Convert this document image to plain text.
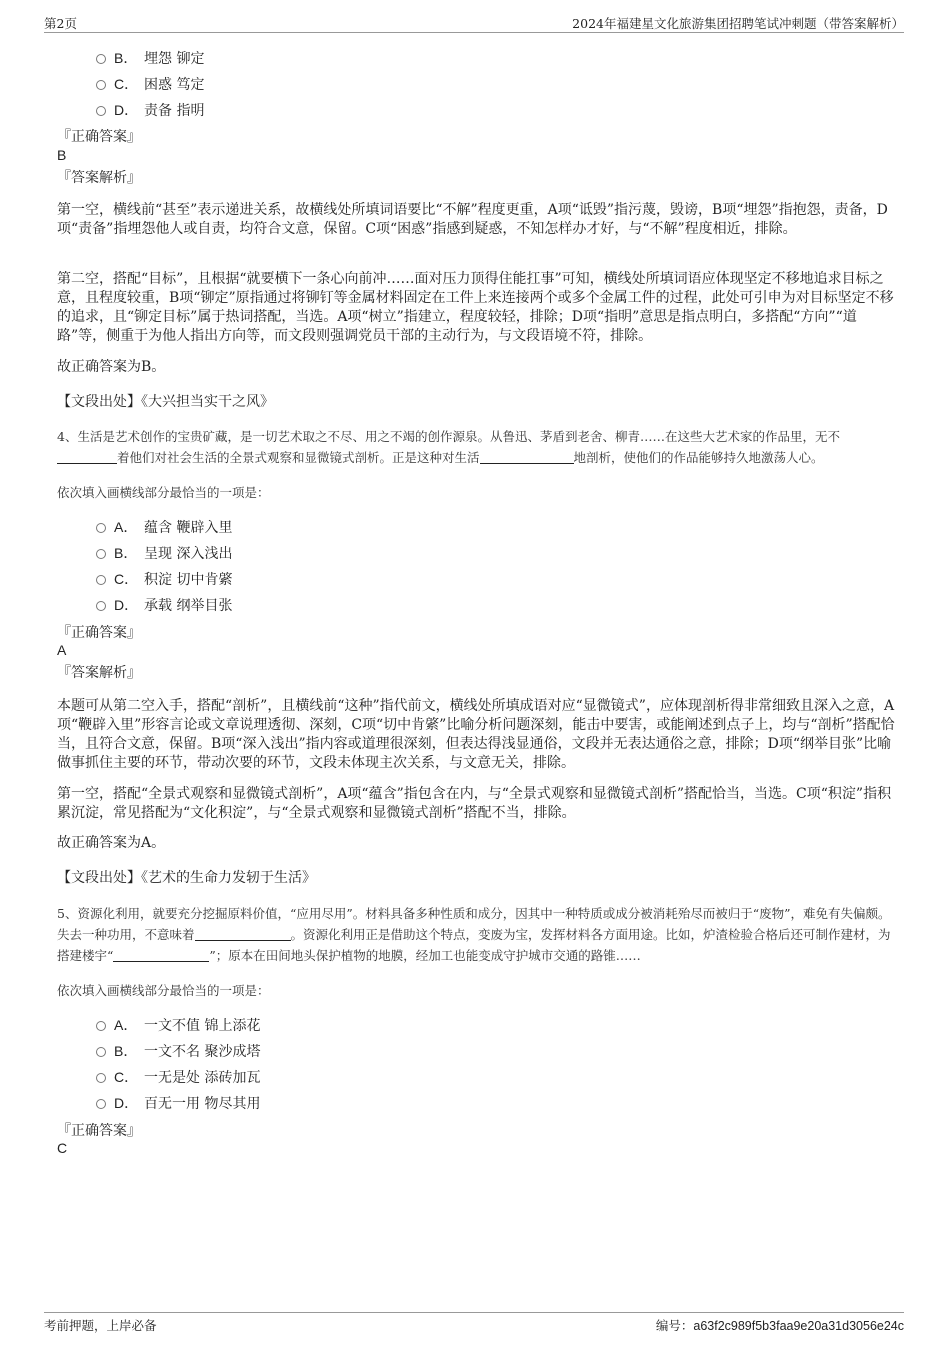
第2页	2024年福建星文化旅游集团招聘笔试冲刺题（带答案解析）
B． 埋怨 铆定
C． 困惑 笃定
D． 责备 指明
『正确答案』
B
『答案解析』
第一空，横线前“甚至”表示递进关系，故横线处所填词语要比“不解”程度更重，A项“诋毁”指污蔑，毁谤，B项“埋怨”指抱怨，责备，D项“责备”指埋怨他人或自责，均符合文意，保留。C项“困惑”指感到疑惑，不知怎样办才好，与“不解”程度相近，排除。
第二空，搭配“目标”，且根据“就要横下一条心向前冲……面对压力顶得住能扛事”可知，横线处所填词语应体现坚定不移地追求目标之意，且程度较重，B项“铆定”原指通过将铆钉等金属材料固定在工件上来连接两个或多个金属工件的过程，此处可引申为对目标坚定不移的追求，且“铆定目标”属于热词搭配，当选。A项“树立”指建立，程度较轻，排除；D项“指明”意思是指点明白，多搭配“方向”“道路”等，侧重于为他人指出方向等，而文段则强调党员干部的主动行为，与文段语境不符，排除。
故正确答案为B。
【文段出处】《大兴担当实干之风》
4、生活是艺术创作的宝贵矿藏，是一切艺术取之不尽、用之不竭的创作源泉。从鲁迅、茅盾到老舍、柳青……在这些大艺术家的作品里，无不着他们对社会生活的全景式观察和显微镜式剖析。正是这种对生活	地剖析，使他们的作品能够持久地激荡人心。
依次填入画横线部分最恰当的一项是：
A． 蕴含 鞭辟入里
B． 呈现 深入浅出
C． 积淀 切中肯綮
D． 承载 纲举目张
『正确答案』
A
『答案解析』
本题可从第二空入手，搭配“剖析”，且横线前“这种”指代前文，横线处所填成语对应“显微镜式”，应体现剖析得非常细致且深入之意，A项“鞭辟入里”形容言论或文章说理透彻、深刻，C项“切中肯綮”比喻分析问题深刻，能击中要害，或能阐述到点子上，均与“剖析”搭配恰当，且符合文意，保留。B项“深入浅出”指内容或道理很深刻，但表达得浅显通俗，文段并无表达通俗之意，排除；D项“纲举目张”比喻做事抓住主要的环节，带动次要的环节，文段未体现主次关系，与文意无关，排除。
第一空，搭配“全景式观察和显微镜式剖析”，A项“蕴含”指包含在内，与“全景式观察和显微镜式剖析”搭配恰当，当选。C项“积淀”指积累沉淀，常见搭配为“文化积淀”，与“全景式观察和显微镜式剖析”搭配不当，排除。
故正确答案为A。
【文段出处】《艺术的生命力发轫于生活》
5、资源化利用，就要充分挖掘原料价值，“应用尽用”。材料具备多种性质和成分，因其中一种特质或成分被消耗殆尽而被归于“废物”，难免有失偏颇。失去一种功用，不意味着	。资源化利用正是借助这个特点，变废为宝，发挥材料各方面用途。比如，炉渣检验合格后还可制作建材，为搭建楼宇“	”；原本在田间地头保护植物的地膜，经加工也能变成守护城市交通的路锥……
依次填入画横线部分最恰当的一项是：
A． 一文不值 锦上添花
B． 一文不名 聚沙成塔
C． 一无是处 添砖加瓦
D． 百无一用 物尽其用
『正确答案』
C
考前押题，上岸必备	编号：a63f2c989f5b3faa9e20a31d3056e24c
